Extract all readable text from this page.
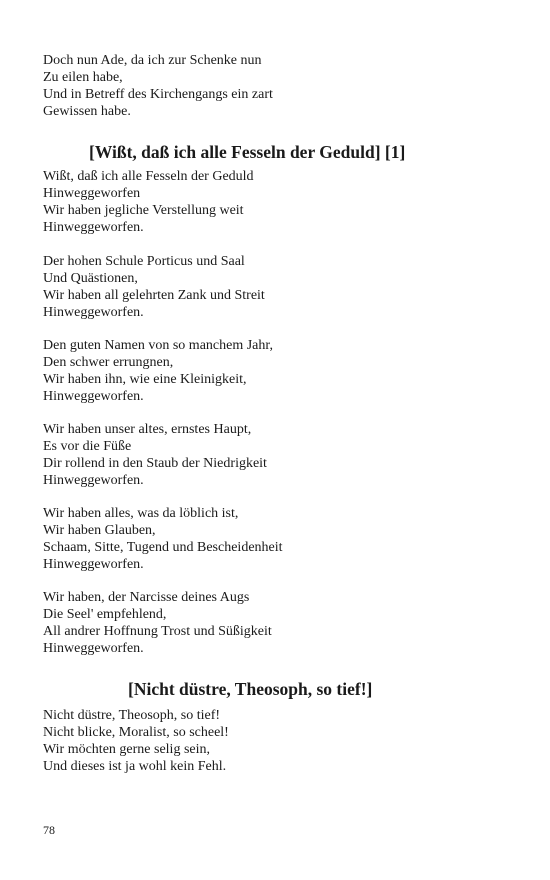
Doch nun Ade, da ich zur Schenke nun
Zu eilen habe,
Und in Betreff des Kirchengangs ein zart
Gewissen habe.
[Wißt, daß ich alle Fesseln der Geduld] [1]
Wißt, daß ich alle Fesseln der Geduld
Hinweggeworfen
Wir haben jegliche Verstellung weit
Hinweggeworfen.
Der hohen Schule Porticus und Saal
Und Quästionen,
Wir haben all gelehrten Zank und Streit
Hinweggeworfen.
Den guten Namen von so manchem Jahr,
Den schwer errungnen,
Wir haben ihn, wie eine Kleinigkeit,
Hinweggeworfen.
Wir haben unser altes, ernstes Haupt,
Es vor die Füße
Dir rollend in den Staub der Niedrigkeit
Hinweggeworfen.
Wir haben alles, was da löblich ist,
Wir haben Glauben,
Schaam, Sitte, Tugend und Bescheidenheit
Hinweggeworfen.
Wir haben, der Narcisse deines Augs
Die Seel' empfehlend,
All andrer Hoffnung Trost und Süßigkeit
Hinweggeworfen.
[Nicht düstre, Theosoph, so tief!]
Nicht düstre, Theosoph, so tief!
Nicht blicke, Moralist, so scheel!
Wir möchten gerne selig sein,
Und dieses ist ja wohl kein Fehl.
78
